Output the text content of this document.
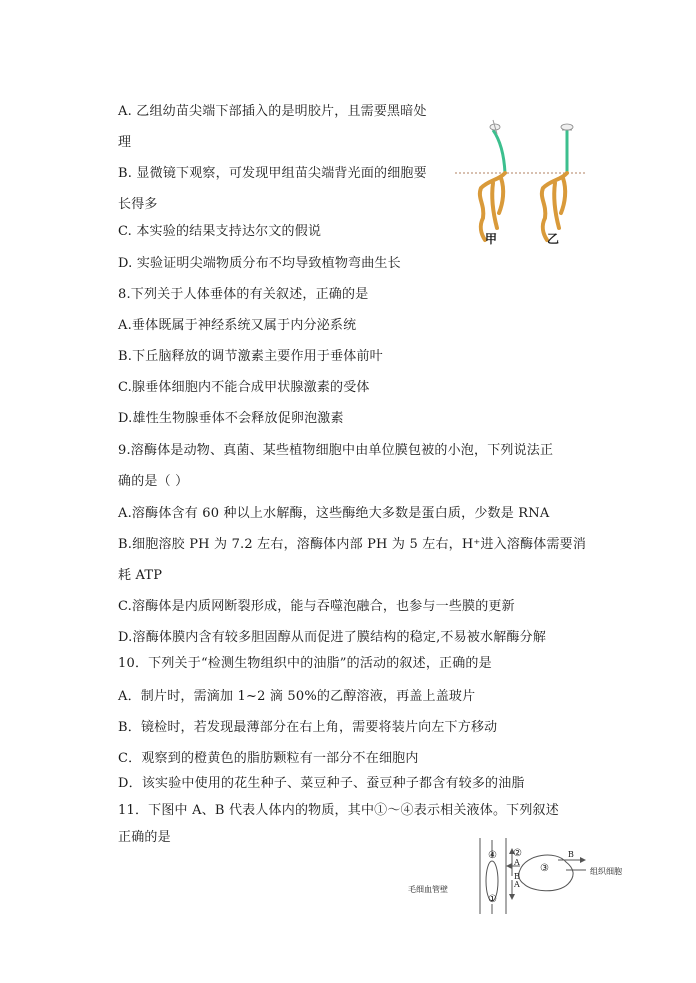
A. 乙组幼苗尖端下部插入的是明胶片，且需要黑暗处
理
B. 显微镜下观察，可发现甲组苗尖端背光面的细胞要
长得多
C. 本实验的结果支持达尔文的假说
D. 实验证明尖端物质分布不均导致植物弯曲生长
甲	乙
8.下列关于人体垂体的有关叙述，正确的是
A.垂体既属于神经系统又属于内分泌系统
B.下丘脑释放的调节激素主要作用于垂体前叶
C.腺垂体细胞内不能合成甲状腺激素的受体
D.雄性生物腺垂体不会释放促卵泡激素
9.溶酶体是动物、真菌、某些植物细胞中由单位膜包被的小泡，下列说法正
确的是（ ）
A.溶酶体含有 60 种以上水解酶，这些酶绝大多数是蛋白质，少数是 RNA
B.细胞溶胶 PH 为 7.2 左右，溶酶体内部 PH 为 5 左右，H⁺进入溶酶体需要消
耗 ATP
C.溶酶体是内质网断裂形成，能与吞噬泡融合，也参与一些膜的更新
D.溶酶体膜内含有较多胆固醇从而促进了膜结构的稳定,不易被水解酶分解
10．下列关于“检测生物组织中的油脂”的活动的叙述，正确的是
A．制片时，需滴加 1~2 滴 50%的乙醇溶液，再盖上盖玻片
B．镜检时，若发现最薄部分在右上角，需要将装片向左下方移动
C．观察到的橙黄色的脂肪颗粒有一部分不在细胞内
D．该实验中使用的花生种子、菜豆种子、蚕豆种子都含有较多的油脂
11．下图中 A、B 代表人体内的物质，其中①～④表示相关液体。下列叙述
正确的是
毛细血管壁
组织细胞
①
②
③
④
A
A
B
B
